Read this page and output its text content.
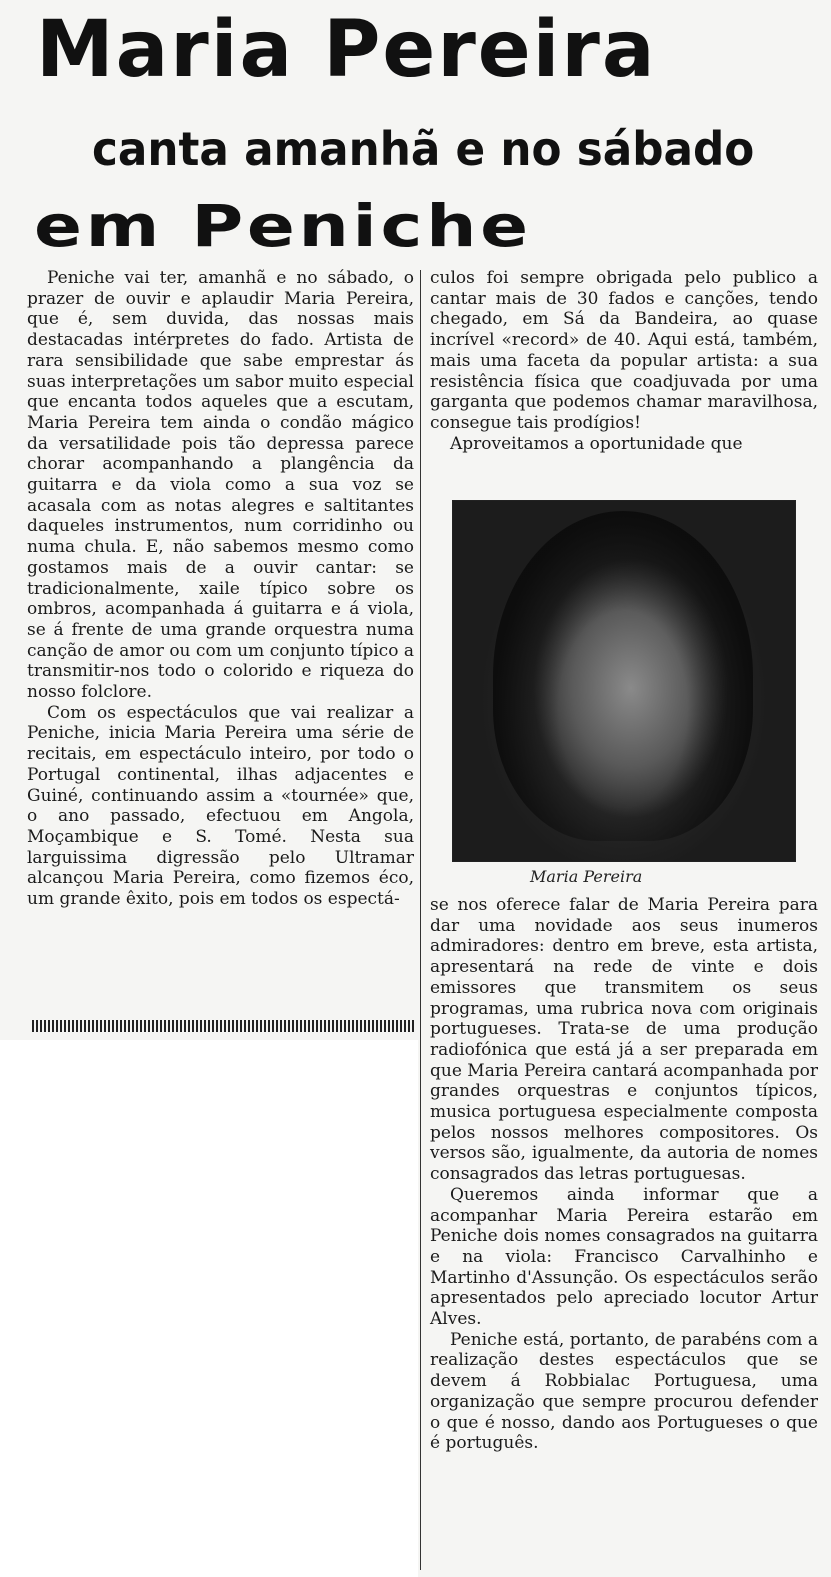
Maria Pereira
canta amanhã e no sábado
em Peniche

Peniche vai ter, amanhã e no sábado, o prazer de ouvir e aplaudir Maria Pereira, que é, sem duvida, das nossas mais destacadas intérpretes do fado. Artista de rara sensibilidade que sabe emprestar ás suas interpretações um sabor muito especial que encanta todos aqueles que a escutam, Maria Pereira tem ainda o condão mágico da versatilidade pois tão depressa parece chorar acompanhando a plangência da guitarra e da viola como a sua voz se acasala com as notas alegres e saltitantes daqueles instrumentos, num corridinho ou numa chula. E, não sabemos mesmo como gostamos mais de a ouvir cantar: se tradicionalmente, xaile típico sobre os ombros, acompanhada á guitarra e á viola, se á frente de uma grande orquestra numa canção de amor ou com um conjunto típico a transmitir-nos todo o colorido e riqueza do nosso folclore.

Com os espectáculos que vai realizar a Peniche, inicia Maria Pereira uma série de recitais, em espectáculo inteiro, por todo o Portugal continental, ilhas adjacentes e Guiné, continuando assim a «tournée» que, o ano passado, efectuou em Angola, Moçambique e S. Tomé. Nesta sua larguissima digressão pelo Ultramar alcançou Maria Pereira, como fizemos éco, um grande êxito, pois em todos os espectá-

culos foi sempre obrigada pelo publico a cantar mais de 30 fados e canções, tendo chegado, em Sá da Bandeira, ao quase incrível «record» de 40. Aqui está, também, mais uma faceta da popular artista: a sua resistência física que coadjuvada por uma garganta que podemos chamar maravilhosa, consegue tais prodígios!

Aproveitamos a oportunidade que

Maria Pereira

se nos oferece falar de Maria Pereira para dar uma novidade aos seus inumeros admiradores: dentro em breve, esta artista, apresentará na rede de vinte e dois emissores que transmitem os seus programas, uma rubrica nova com originais portugueses. Trata-se de uma produção radiofónica que está já a ser preparada em que Maria Pereira cantará acompanhada por grandes orquestras e conjuntos típicos, musica portuguesa especialmente composta pelos nossos melhores compositores. Os versos são, igualmente, da autoria de nomes consagrados das letras portuguesas.

Queremos ainda informar que a acompanhar Maria Pereira estarão em Peniche dois nomes consagrados na guitarra e na viola: Francisco Carvalhinho e Martinho d'Assunção. Os espectáculos serão apresentados pelo apreciado locutor Artur Alves.

Peniche está, portanto, de parabéns com a realização destes espectáculos que se devem á Robbialac Portuguesa, uma organização que sempre procurou defender o que é nosso, dando aos Portugueses o que é português.
